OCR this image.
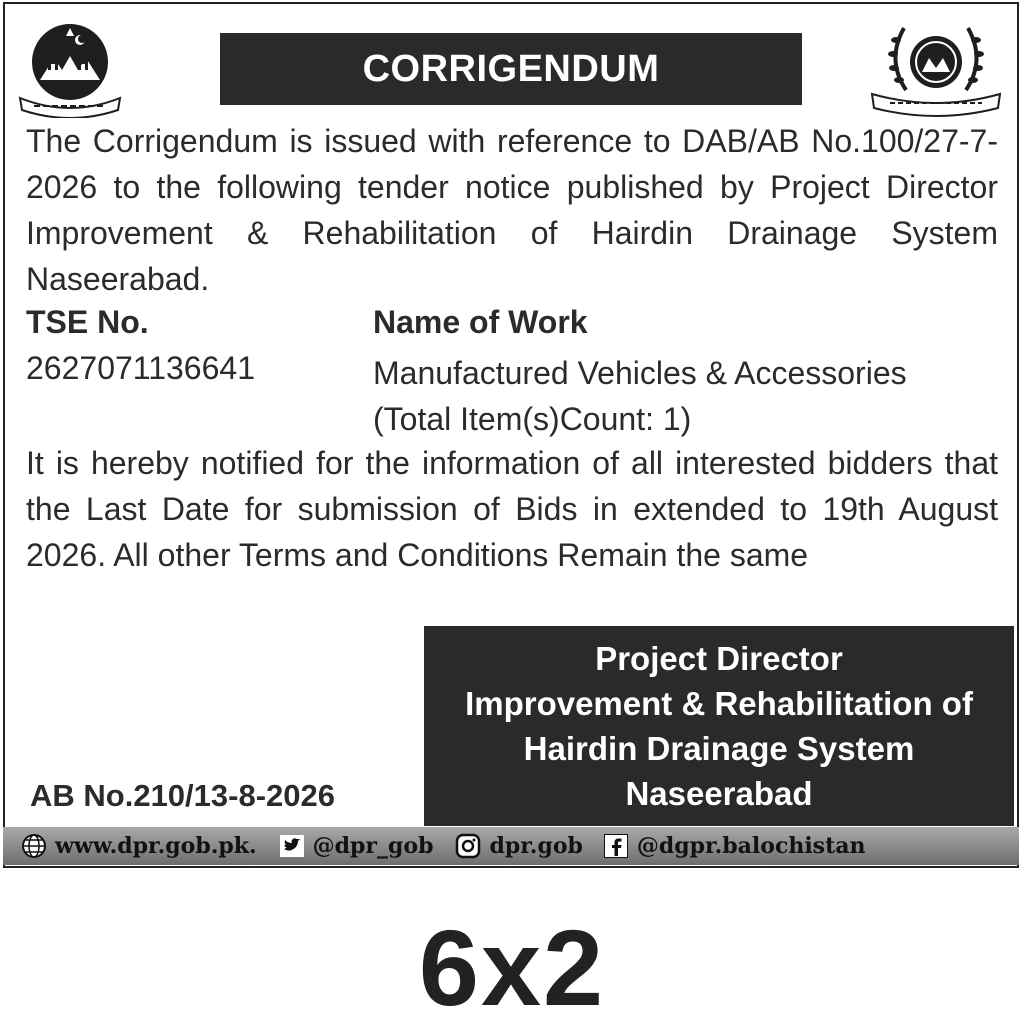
CORRIGENDUM
The Corrigendum is issued with reference to DAB/AB No.100/27-7-2026 to the following tender notice published by Project Director Improvement & Rehabilitation of Hairdin Drainage System Naseerabad.
TSE No.	Name of Work
2627071136641	Manufactured Vehicles & Accessories
(Total Item(s)Count: 1)
It is hereby notified for the information of all interested bidders that the Last Date for submission of Bids in extended to 19th August 2026. All other Terms and Conditions Remain the same
Project Director
Improvement & Rehabilitation of
Hairdin Drainage System
Naseerabad
AB No.210/13-8-2026
www.dpr.gob.pk.	@dpr_gob	dpr.gob @dgpr.balochistan
6x2
